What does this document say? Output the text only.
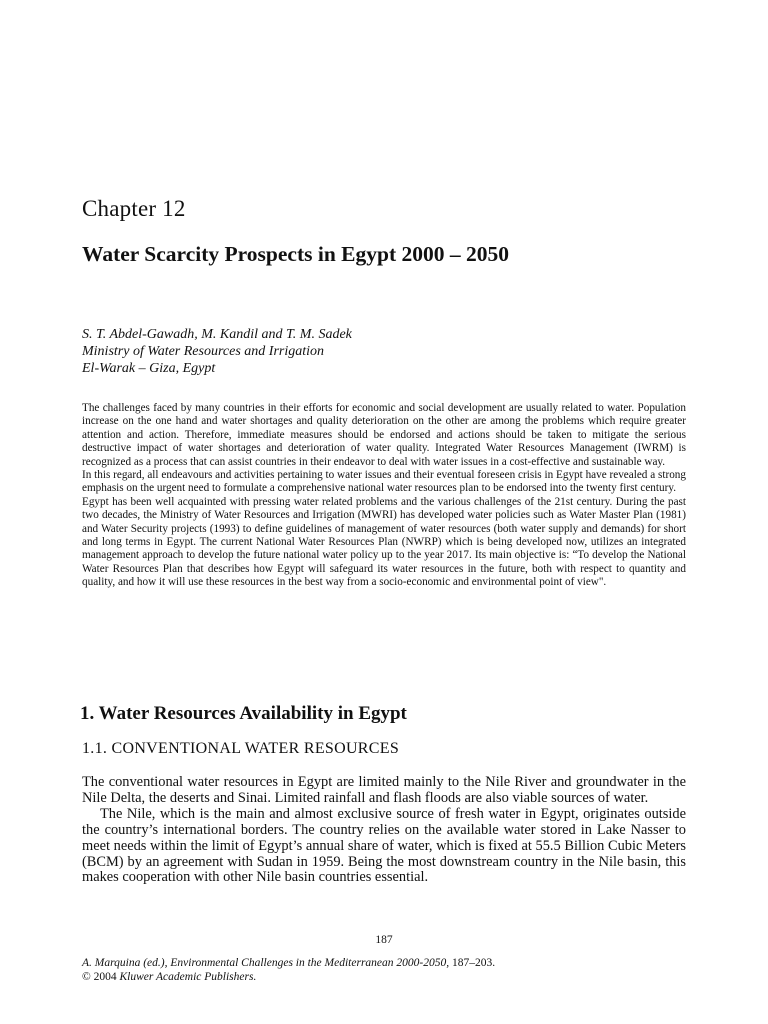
Chapter 12
Water Scarcity Prospects in Egypt 2000 – 2050
S. T. Abdel-Gawadh, M. Kandil and T. M. Sadek
Ministry of Water Resources and Irrigation
El-Warak – Giza, Egypt

The challenges faced by many countries in their efforts for economic and social development are usually related to water. Population increase on the one hand and water shortages and quality deterioration on the other are among the problems which require greater attention and action. Therefore, immediate measures should be endorsed and actions should be taken to mitigate the serious destructive impact of water shortages and deterioration of water quality. Integrated Water Resources Management (IWRM) is recognized as a process that can assist countries in their endeavor to deal with water issues in a cost-effective and sustainable way.

In this regard, all endeavours and activities pertaining to water issues and their eventual foreseen crisis in Egypt have revealed a strong emphasis on the urgent need to formulate a comprehensive national water resources plan to be endorsed into the twenty first century.

Egypt has been well acquainted with pressing water related problems and the various challenges of the 21st century. During the past two decades, the Ministry of Water Resources and Irrigation (MWRI) has developed water policies such as Water Master Plan (1981) and Water Security projects (1993) to define guidelines of management of water resources (both water supply and demands) for short and long terms in Egypt. The current National Water Resources Plan (NWRP) which is being developed now, utilizes an integrated management approach to develop the future national water policy up to the year 2017. Its main objective is: “To develop the National Water Resources Plan that describes how Egypt will safeguard its water resources in the future, both with respect to quantity and quality, and how it will use these resources in the best way from a socio-economic and environmental point of view".

1. Water Resources Availability in Egypt
1.1. CONVENTIONAL WATER RESOURCES

The conventional water resources in Egypt are limited mainly to the Nile River and groundwater in the Nile Delta, the deserts and Sinai. Limited rainfall and flash floods are also viable sources of water.

The Nile, which is the main and almost exclusive source of fresh water in Egypt, originates outside the country’s international borders. The country relies on the available water stored in Lake Nasser to meet needs within the limit of Egypt’s annual share of water, which is fixed at 55.5 Billion Cubic Meters (BCM) by an agreement with Sudan in 1959. Being the most downstream country in the Nile basin, this makes cooperation with other Nile basin countries essential.

187
A. Marquina (ed.), Environmental Challenges in the Mediterranean 2000-2050, 187–203.
© 2004 Kluwer Academic Publishers.
